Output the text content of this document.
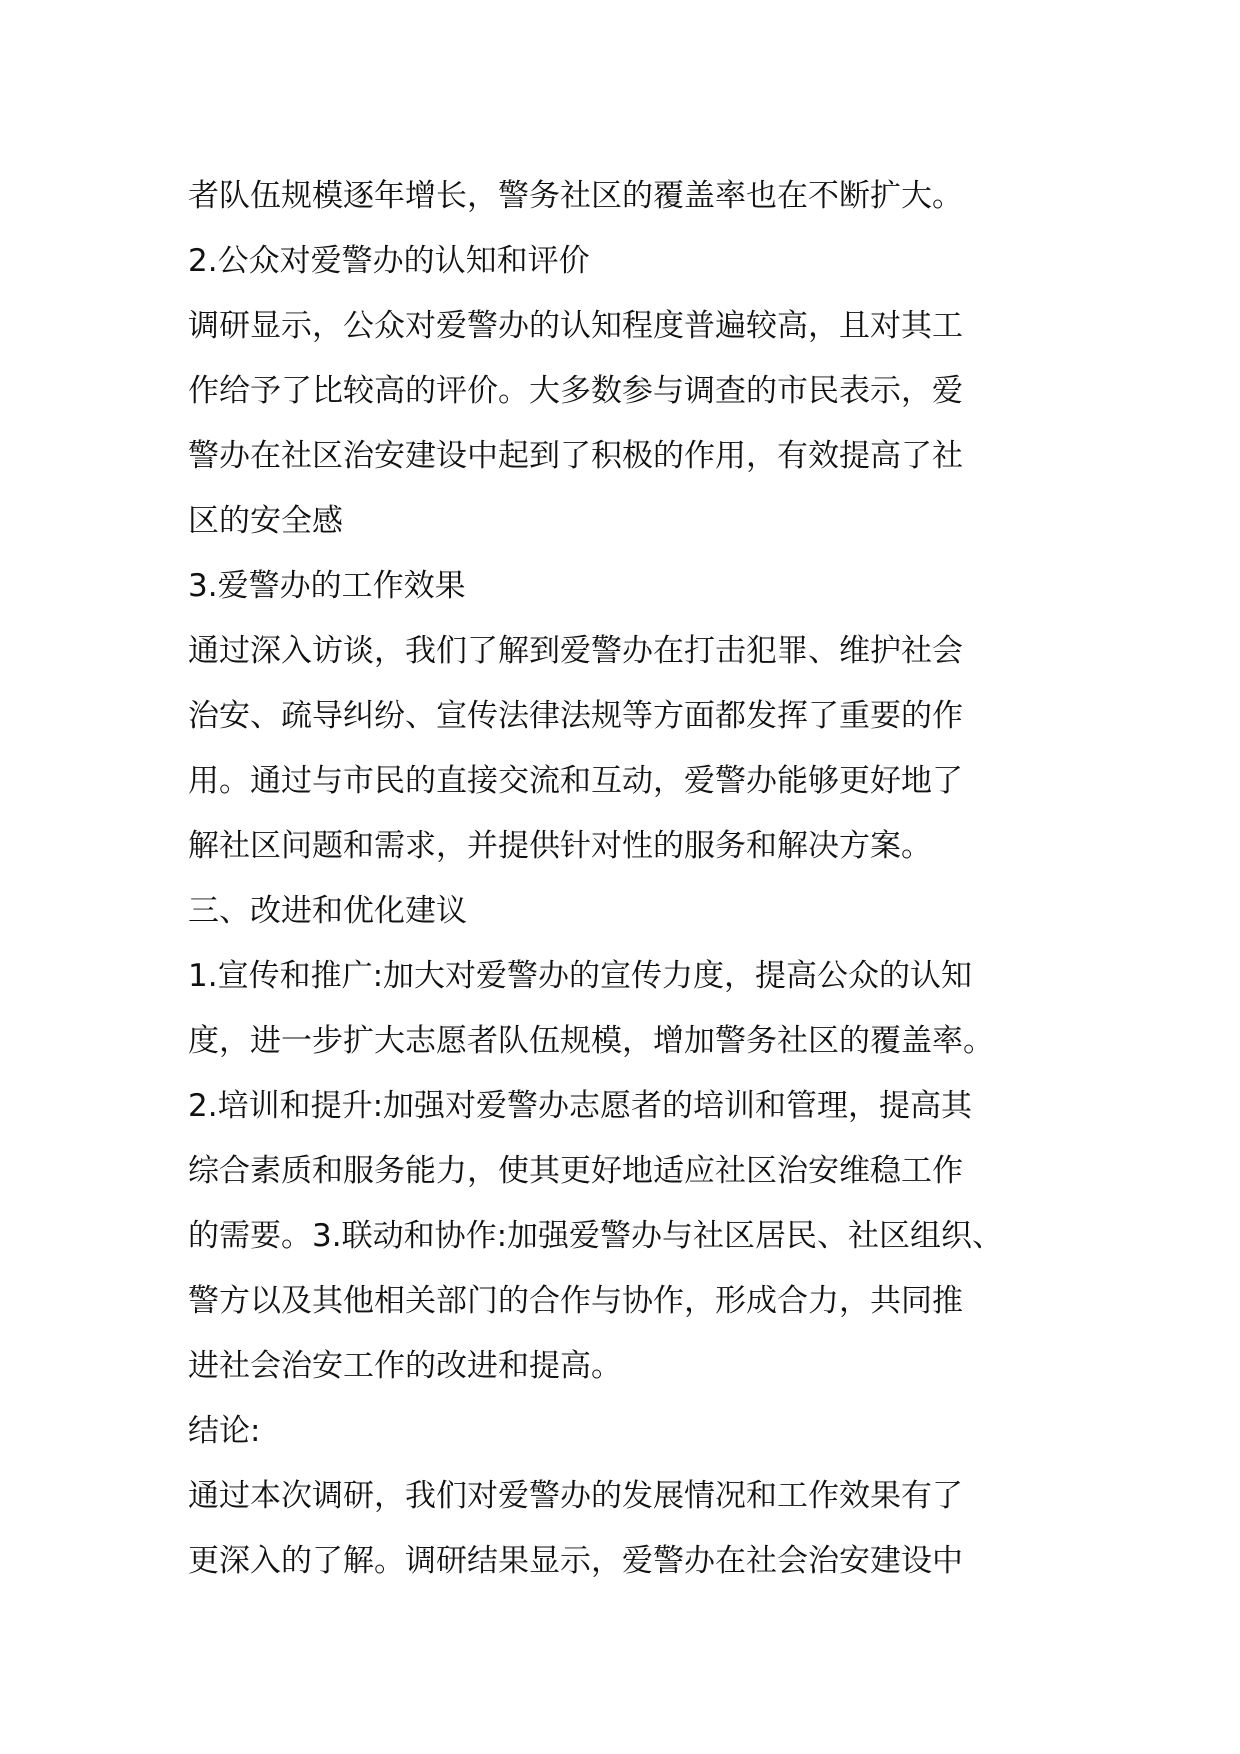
者队伍规模逐年增长，警务社区的覆盖率也在不断扩大。
2.公众对爱警办的认知和评价
调研显示，公众对爱警办的认知程度普遍较高，且对其工
作给予了比较高的评价。大多数参与调查的市民表示，爱
警办在社区治安建设中起到了积极的作用，有效提高了社
区的安全感
3.爱警办的工作效果
通过深入访谈，我们了解到爱警办在打击犯罪、维护社会
治安、疏导纠纷、宣传法律法规等方面都发挥了重要的作
用。通过与市民的直接交流和互动，爱警办能够更好地了
解社区问题和需求，并提供针对性的服务和解决方案。
三、改进和优化建议
1.宣传和推广:加大对爱警办的宣传力度，提高公众的认知
度，进一步扩大志愿者队伍规模，增加警务社区的覆盖率。
2.培训和提升:加强对爱警办志愿者的培训和管理，提高其
综合素质和服务能力，使其更好地适应社区治安维稳工作
的需要。3.联动和协作:加强爱警办与社区居民、社区组织、
警方以及其他相关部门的合作与协作，形成合力，共同推
进社会治安工作的改进和提高。
结论:
通过本次调研，我们对爱警办的发展情况和工作效果有了
更深入的了解。调研结果显示，爱警办在社会治安建设中
